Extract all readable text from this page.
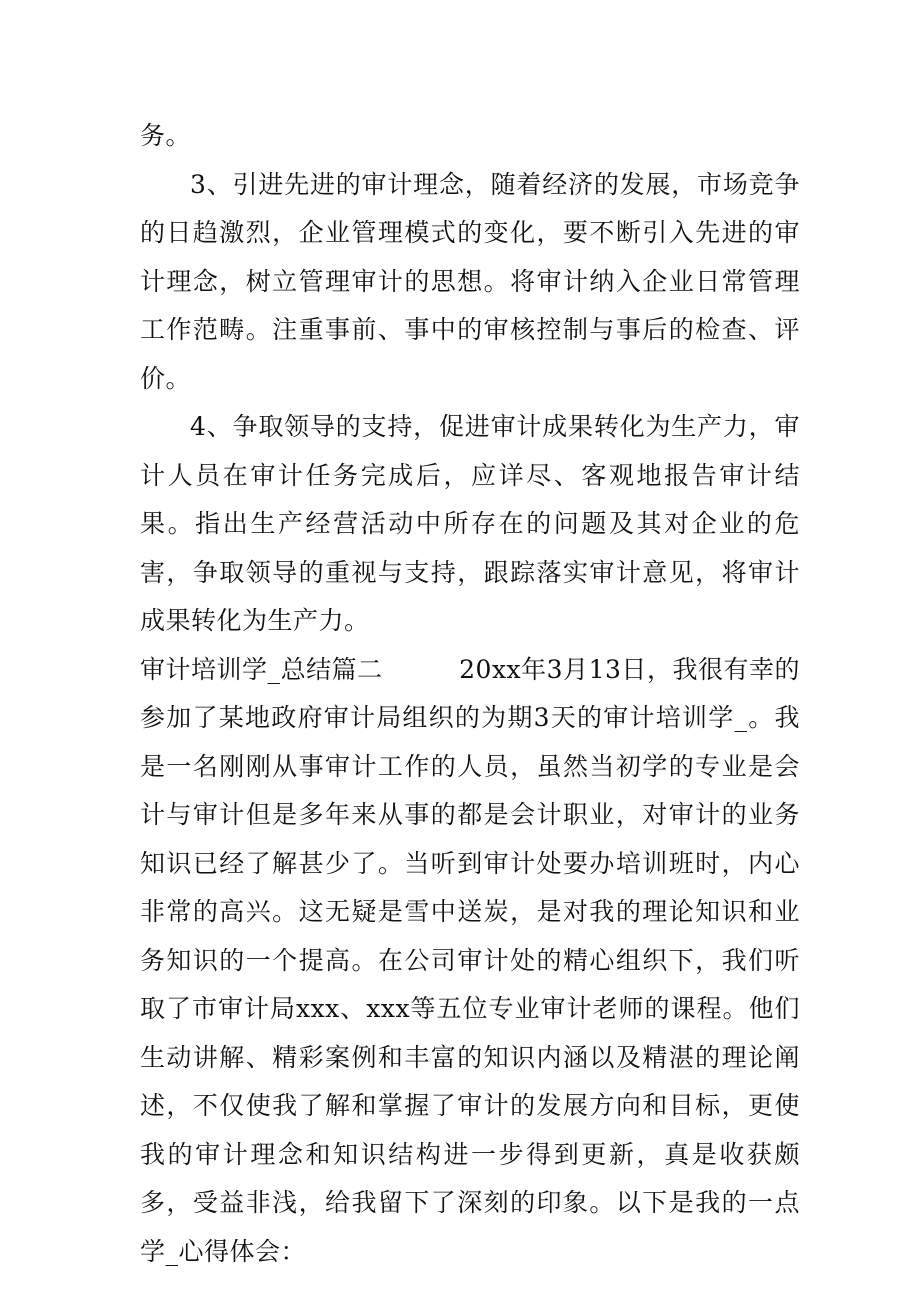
务。

3、引进先进的审计理念，随着经济的发展，市场竞争的日趋激烈，企业管理模式的变化，要不断引入先进的审计理念，树立管理审计的思想。将审计纳入企业日常管理工作范畴。注重事前、事中的审核控制与事后的检查、评价。

4、争取领导的支持，促进审计成果转化为生产力，审计人员在审计任务完成后，应详尽、客观地报告审计结果。指出生产经营活动中所存在的问题及其对企业的危害，争取领导的重视与支持，跟踪落实审计意见，将审计成果转化为生产力。

审计培训学_总结篇二　　　20xx年3月13日，我很有幸的参加了某地政府审计局组织的为期3天的审计培训学_。我是一名刚刚从事审计工作的人员，虽然当初学的专业是会计与审计但是多年来从事的都是会计职业，对审计的业务知识已经了解甚少了。当听到审计处要办培训班时，内心非常的高兴。这无疑是雪中送炭，是对我的理论知识和业务知识的一个提高。在公司审计处的精心组织下，我们听取了市审计局xxx、xxx等五位专业审计老师的课程。他们生动讲解、精彩案例和丰富的知识内涵以及精湛的理论阐述，不仅使我了解和掌握了审计的发展方向和目标，更使我的审计理念和知识结构进一步得到更新，真是收获颇多，受益非浅，给我留下了深刻的印象。以下是我的一点学_心得体会：
